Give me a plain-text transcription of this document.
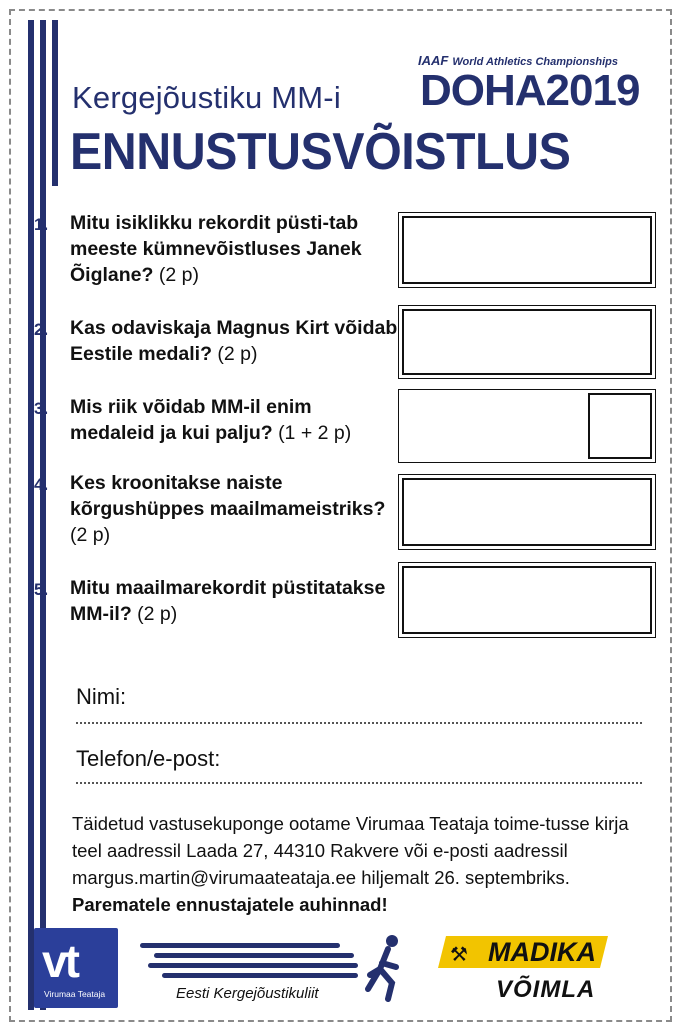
IAAF World Athletics Championships
DOHA2019
Kergejõustiku MM-i
ENNUSTUSVÕISTLUS
1. Mitu isiklikku rekordit püsti-tab meeste kümnevõistluses Janek Õiglane? (2 p)
2. Kas odaviskaja Magnus Kirt võidab Eestile medali? (2 p)
3. Mis riik võidab MM-il enim medaleid ja kui palju? (1 + 2 p)
4. Kes kroonitakse naiste kõrgushüppes maailmameistriks? (2 p)
5. Mitu maailmarekordit püstitatakse MM-il? (2 p)
Nimi:
Telefon/e-post:
Täidetud vastusekuponge ootame Virumaa Teataja toime-tusse kirja teel aadressil Laada 27, 44310 Rakvere või e-posti aadressil margus.martin@virumaateataja.ee hiljemalt 26. septembriks. Parematele ennustajatele auhinnad!
vt
Virumaa Teataja	Eesti Kergejõustikuliit
⚒ MADIKA
VÕIMLA
